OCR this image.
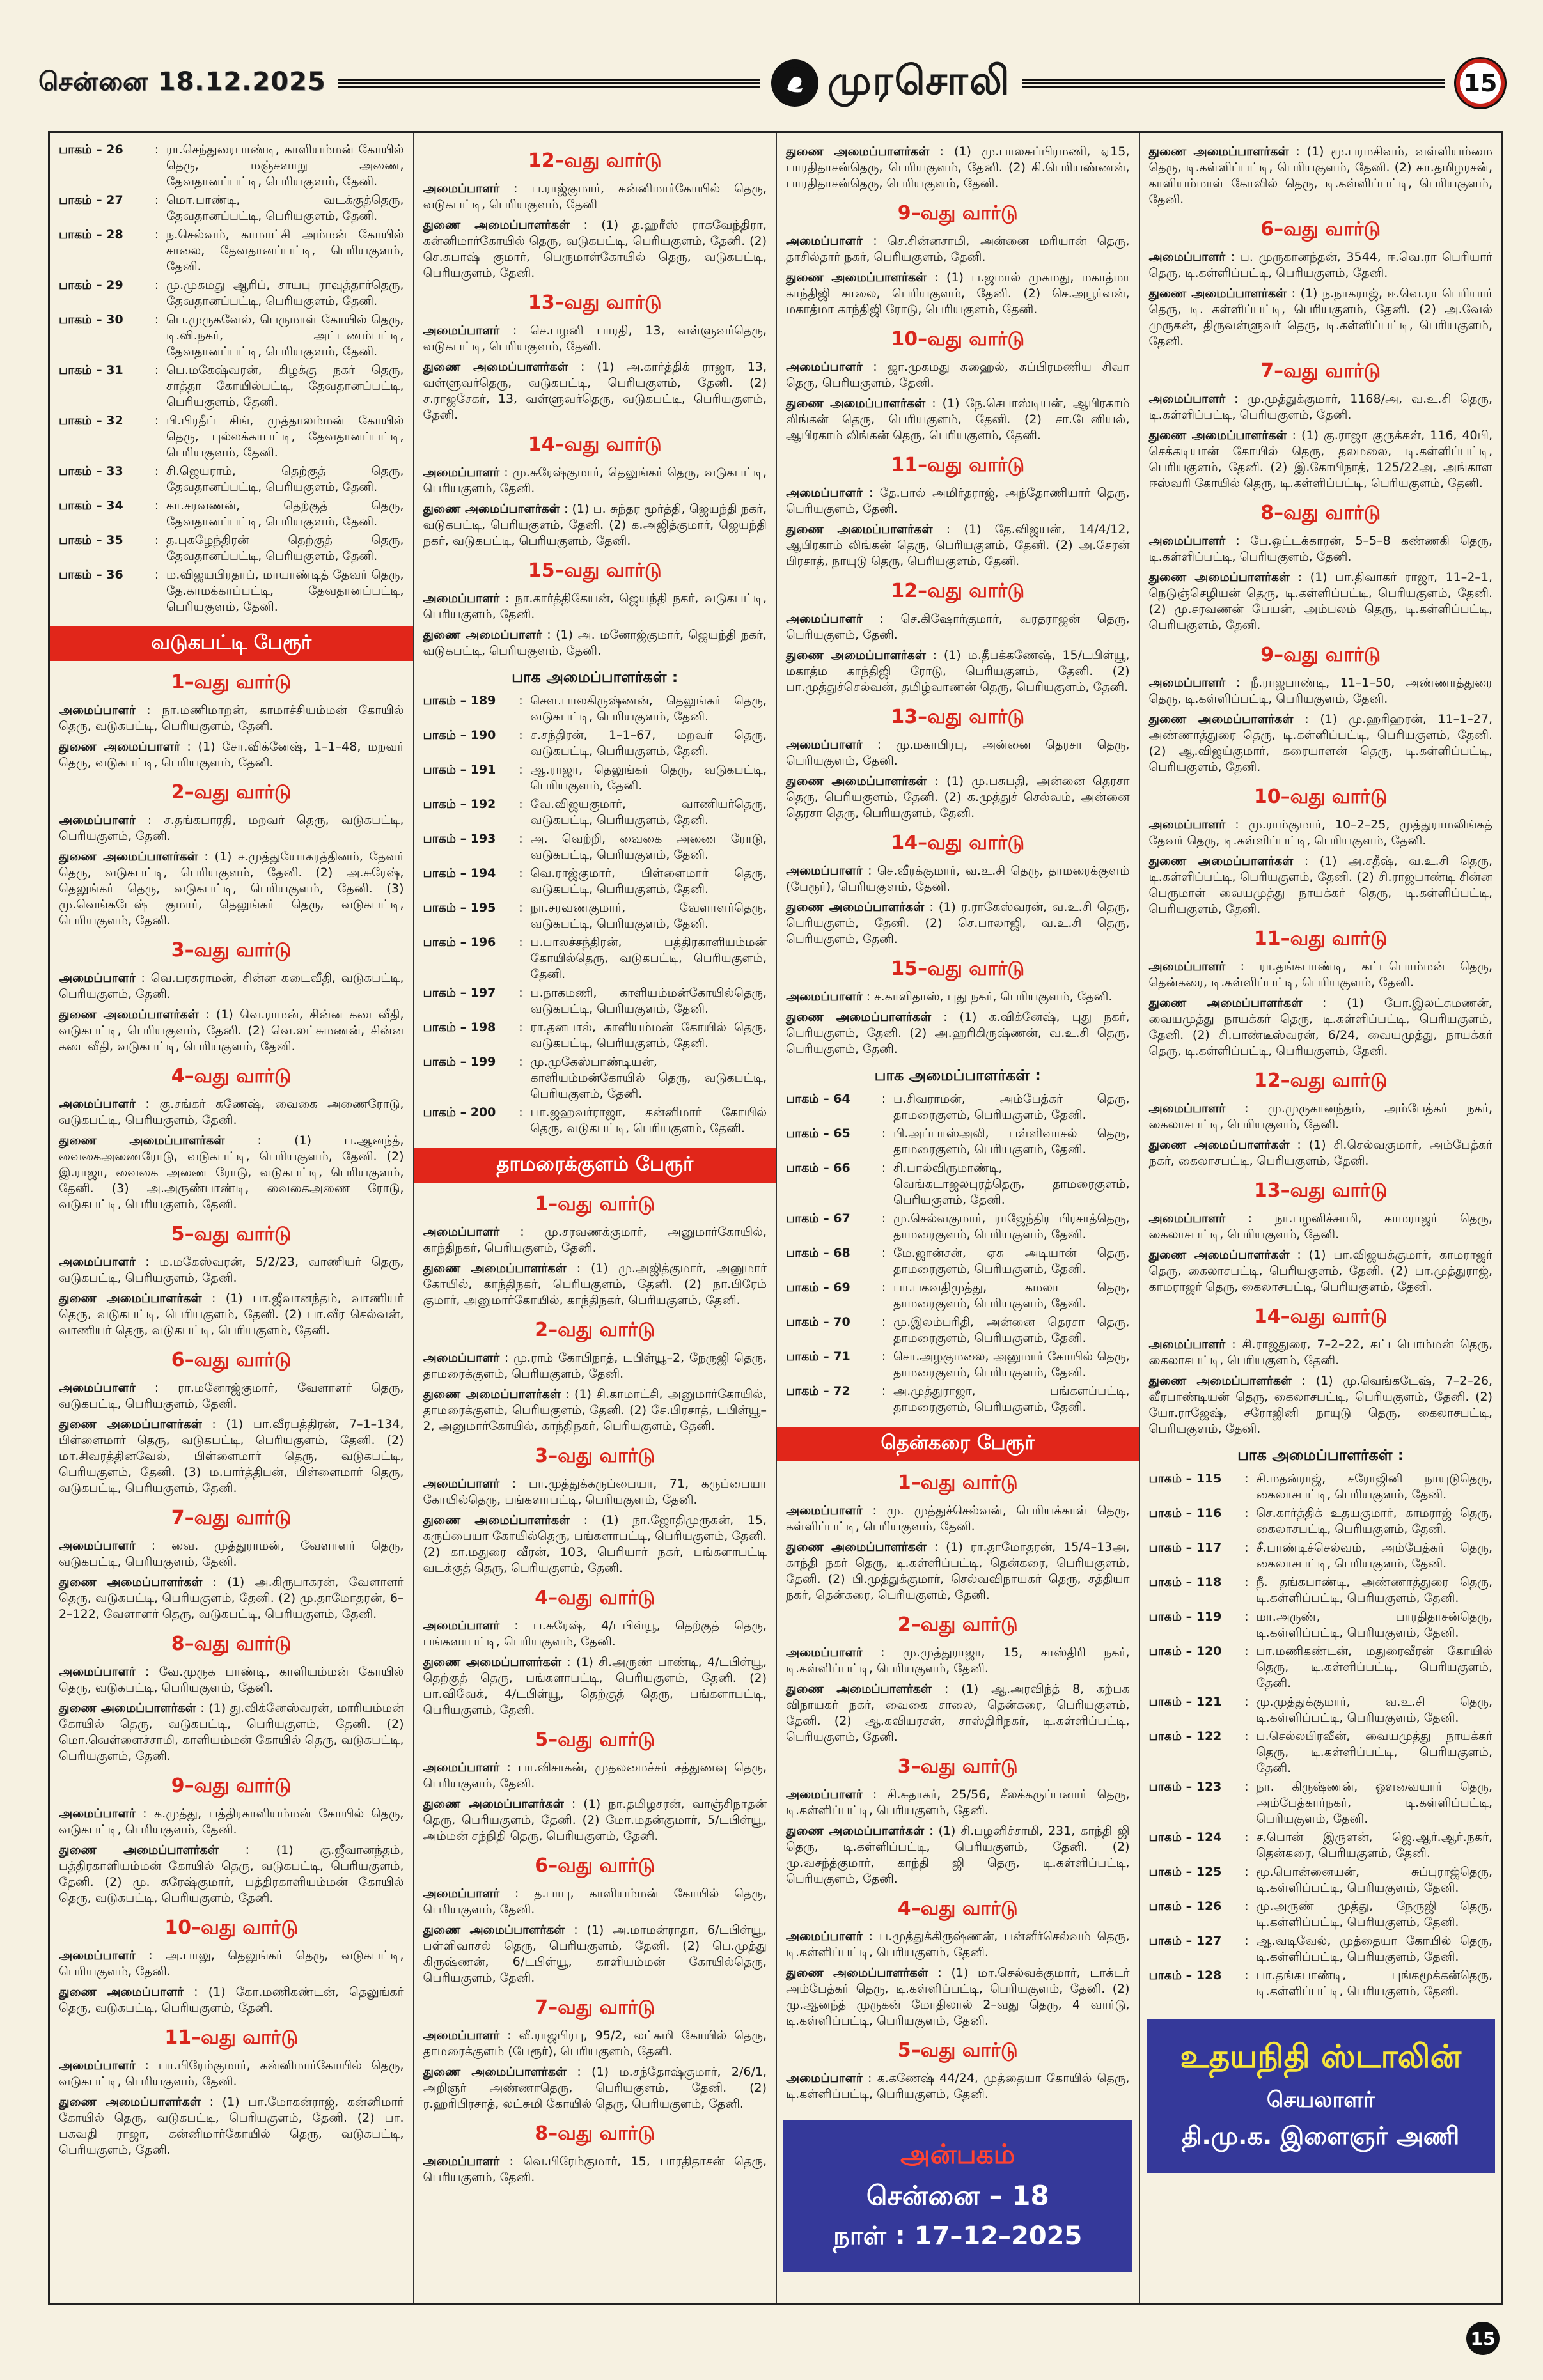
சென்னை 18.12.2025	முரசொலி	15
பாகம் – 26	: ரா.செந்துரைபாண்டி, காளியம்மன் கோயில் தெரு, மஞ்சளாறு அணை, தேவதானப்பட்டி, பெரியகுளம், தேனி.
பாகம் – 27	: மொ.பாண்டி, வடக்குத்தெரு, தேவதானப்பட்டி, பெரியகுளம், தேனி.
பாகம் – 28	: ந.செல்வம், காமாட்சி அம்மன் கோயில் சாலை, தேவதானப்பட்டி, பெரியகுளம், தேனி.
பாகம் – 29	: மு.முகமது ஆரிப், சாயபு ராவுத்தார்தெரு, தேவதானப்பட்டி, பெரியகுளம், தேனி.
பாகம் – 30	: பெ.முருகவேல், பெருமாள் கோயில் தெரு, டி.வி.நகர், அட்டணம்பட்டி, தேவதானப்பட்டி, பெரியகுளம், தேனி.
பாகம் – 31	: பெ.மகேஷ்வரன், கிழக்கு நகர் தெரு, சாத்தா கோயில்பட்டி, தேவதானப்பட்டி, பெரியகுளம், தேனி.
பாகம் – 32	: பி.பிரதீப் சிங், முத்தாலம்மன் கோயில் தெரு, புல்லக்காபட்டி, தேவதானப்பட்டி, பெரியகுளம், தேனி.
பாகம் – 33	: சி.ஜெயராம், தெற்குத் தெரு, தேவதானப்பட்டி, பெரியகுளம், தேனி.
பாகம் – 34	: கா.சரவணன், தெற்குத் தெரு, தேவதானப்பட்டி, பெரியகுளம், தேனி.
பாகம் – 35	: த.புகழேந்திரன் தெற்குத் தெரு, தேவதானப்பட்டி, பெரியகுளம், தேனி.
பாகம் – 36	: ம.விஜயபிரதாப், மாயாண்டித் தேவர் தெரு, தே.காமக்காப்பட்டி, தேவதானப்பட்டி, பெரியகுளம், தேனி.
வடுகபட்டி பேரூர்
1–வது வார்டு
அமைப்பாளர் : நா.மணிமாறன், காமாச்சியம்மன் கோயில் தெரு, வடுகபட்டி, பெரியகுளம், தேனி.
துணை அமைப்பாளர் : (1) சோ.விக்னேஷ், 1–1–48, மறவர் தெரு, வடுகபட்டி, பெரியகுளம், தேனி.
2–வது வார்டு
அமைப்பாளர் : ச.தங்கபாரதி, மறவர் தெரு, வடுகபட்டி, பெரியகுளம், தேனி.
துணை அமைப்பாளர்கள் : (1) ச.முத்துயோகரத்தினம், தேவர் தெரு, வடுகபட்டி, பெரியகுளம், தேனி. (2) அ.சுரேஷ், தெலுங்கர் தெரு, வடுகபட்டி, பெரியகுளம், தேனி. (3) மு.வெங்கடேஷ் குமார், தெலுங்கர் தெரு, வடுகபட்டி, பெரியகுளம், தேனி.
3–வது வார்டு
அமைப்பாளர் : வெ.பரசுராமன், சின்ன கடைவீதி, வடுகபட்டி, பெரியகுளம், தேனி.
துணை அமைப்பாளர்கள் : (1) வெ.ராமன், சின்ன கடைவீதி, வடுகபட்டி, பெரியகுளம், தேனி. (2) வெ.லட்சுமணன், சின்ன கடைவீதி, வடுகபட்டி, பெரியகுளம், தேனி.
4–வது வார்டு
அமைப்பாளர் : கு.சங்கர் கணேஷ், வைகை அணைரோடு, வடுகபட்டி, பெரியகுளம், தேனி.
துணை அமைப்பாளர்கள் : (1) ப.ஆனந்த், வைகைஅணைரோடு, வடுகபட்டி, பெரியகுளம், தேனி. (2) இ.ராஜா, வைகை அணை ரோடு, வடுகபட்டி, பெரியகுளம், தேனி. (3) அ.அருண்பாண்டி, வைகைஅணை ரோடு, வடுகபட்டி, பெரியகுளம், தேனி.
5–வது வார்டு
அமைப்பாளர் : ம.மகேஸ்வரன், 5/2/23, வாணியர் தெரு, வடுகபட்டி, பெரியகுளம், தேனி.
துணை அமைப்பாளர்கள் : (1) பா.ஜீவானந்தம், வாணியர் தெரு, வடுகபட்டி, பெரியகுளம், தேனி. (2) பா.வீர செல்வன், வாணியர் தெரு, வடுகபட்டி, பெரியகுளம், தேனி.
6–வது வார்டு
அமைப்பாளர் : ரா.மனோஜ்குமார், வேளாளர் தெரு, வடுகபட்டி, பெரியகுளம், தேனி.
துணை அமைப்பாளர்கள் : (1) பா.வீரபத்திரன், 7–1–134, பிள்ளைமார் தெரு, வடுகபட்டி, பெரியகுளம், தேனி. (2) மா.சிவரத்தினவேல், பிள்ளைமார் தெரு, வடுகபட்டி, பெரியகுளம், தேனி. (3) ம.பார்த்திபன், பிள்ளைமார் தெரு, வடுகபட்டி, பெரியகுளம், தேனி.
7–வது வார்டு
அமைப்பாளர் : வை. முத்துராமன், வேளாளர் தெரு, வடுகபட்டி, பெரியகுளம், தேனி.
துணை அமைப்பாளர்கள் : (1) அ.கிருபாகரன், வேளாளர் தெரு, வடுகபட்டி, பெரியகுளம், தேனி. (2) மு.தாமோதரன், 6–2–122, வேளாளர் தெரு, வடுகபட்டி, பெரியகுளம், தேனி.
8–வது வார்டு
அமைப்பாளர் : வே.முருக பாண்டி, காளியம்மன் கோயில் தெரு, வடுகபட்டி, பெரியகுளம், தேனி.
துணை அமைப்பாளர்கள் : (1) து.விக்னேஸ்வரன், மாரியம்மன் கோயில் தெரு, வடுகபட்டி, பெரியகுளம், தேனி. (2) மொ.வெள்ளைச்சாமி, காளியம்மன் கோயில் தெரு, வடுகபட்டி, பெரியகுளம், தேனி.
9–வது வார்டு
அமைப்பாளர் : க.முத்து, பத்திரகாளியம்மன் கோயில் தெரு, வடுகபட்டி, பெரியகுளம், தேனி.
துணை அமைப்பாளர்கள் : (1) கு.ஜீவானந்தம், பத்திரகாளியம்மன் கோயில் தெரு, வடுகபட்டி, பெரியகுளம், தேனி. (2) மு. சுரேஷ்குமார், பத்திரகாளியம்மன் கோயில் தெரு, வடுகபட்டி, பெரியகுளம், தேனி.
10–வது வார்டு
அமைப்பாளர் : அ.பாலு, தெலுங்கர் தெரு, வடுகபட்டி, பெரியகுளம், தேனி.
துணை அமைப்பாளர் : (1) கோ.மணிகண்டன், தெலுங்கர் தெரு, வடுகபட்டி, பெரியகுளம், தேனி.
11–வது வார்டு
அமைப்பாளர் : பா.பிரேம்குமார், கன்னிமார்கோயில் தெரு, வடுகபட்டி, பெரியகுளம், தேனி.
துணை அமைப்பாளர்கள் : (1) பா.மோகன்ராஜ், கன்னிமார் கோயில் தெரு, வடுகபட்டி, பெரியகுளம், தேனி. (2) பா. பகவதி ராஜா, கன்னிமார்கோயில் தெரு, வடுகபட்டி, பெரியகுளம், தேனி.
12–வது வார்டு
அமைப்பாளர் : ப.ராஜ்குமார், கன்னிமார்கோயில் தெரு, வடுகபட்டி, பெரியகுளம், தேனி
துணை அமைப்பாளர்கள் : (1) த.ஹரீஸ் ராகவேந்திரா, கன்னிமார்கோயில் தெரு, வடுகபட்டி, பெரியகுளம், தேனி. (2) செ.சுபாஷ் குமார், பெருமாள்கோயில் தெரு, வடுகபட்டி, பெரியகுளம், தேனி.
13–வது வார்டு
அமைப்பாளர் : செ.பழனி பாரதி, 13, வள்ளுவர்தெரு, வடுகபட்டி, பெரியகுளம், தேனி.
துணை அமைப்பாளர்கள் : (1) அ.கார்த்திக் ராஜா, 13, வள்ளுவர்தெரு, வடுகபட்டி, பெரியகுளம், தேனி. (2) ச.ராஜசேகர், 13, வள்ளுவர்தெரு, வடுகபட்டி, பெரியகுளம், தேனி.
14–வது வார்டு
அமைப்பாளர் : மு.சுரேஷ்குமார், தெலுங்கர் தெரு, வடுகபட்டி, பெரியகுளம், தேனி.
துணை அமைப்பாளர்கள் : (1) ப. சுந்தர மூர்த்தி, ஜெயந்தி நகர், வடுகபட்டி, பெரியகுளம், தேனி. (2) க.அஜித்குமார், ஜெயந்தி நகர், வடுகபட்டி, பெரியகுளம், தேனி.
15–வது வார்டு
அமைப்பாளர் : நா.கார்த்திகேயன், ஜெயந்தி நகர், வடுகபட்டி, பெரியகுளம், தேனி.
துணை அமைப்பாளர் : (1) அ. மனோஜ்குமார், ஜெயந்தி நகர், வடுகபட்டி, பெரியகுளம், தேனி.
பாக அமைப்பாளர்கள் :
பாகம் – 189	: செள.பாலகிருஷ்ணன், தெலுங்கர் தெரு, வடுகபட்டி, பெரியகுளம், தேனி.
பாகம் – 190	: ச.சந்திரன், 1–1–67, மறவர் தெரு, வடுகபட்டி, பெரியகுளம், தேனி.
பாகம் – 191	: ஆ.ராஜா, தெலுங்கர் தெரு, வடுகபட்டி, பெரியகுளம், தேனி.
பாகம் – 192	: வே.விஜயகுமார், வாணியர்தெரு, வடுகபட்டி, பெரியகுளம், தேனி.
பாகம் – 193	: அ. வெற்றி, வைகை அணை ரோடு, வடுகபட்டி, பெரியகுளம், தேனி.
பாகம் – 194	: வெ.ராஜ்குமார், பிள்ளைமார் தெரு, வடுகபட்டி, பெரியகுளம், தேனி.
பாகம் – 195	: நா.சரவணகுமார், வேளாளர்தெரு, வடுகபட்டி, பெரியகுளம், தேனி.
பாகம் – 196	: ப.பாலச்சந்திரன், பத்திரகாளியம்மன் கோயில்தெரு, வடுகபட்டி, பெரியகுளம், தேனி.
பாகம் – 197	: ப.நாகமணி, காளியம்மன்கோயில்தெரு, வடுகபட்டி, பெரியகுளம், தேனி.
பாகம் – 198	: ரா.தனபால், காளியம்மன் கோயில் தெரு, வடுகபட்டி, பெரியகுளம், தேனி.
பாகம் – 199	: மு.முகேஸ்பாண்டியன், காளியம்மன்கோயில் தெரு, வடுகபட்டி, பெரியகுளம், தேனி.
பாகம் – 200	: பா.ஜஹவர்ராஜா, கன்னிமார் கோயில் தெரு, வடுகபட்டி, பெரியகுளம், தேனி.
தாமரைக்குளம் பேரூர்
1–வது வார்டு
அமைப்பாளர் : மு.சரவணக்குமார், அனுமார்கோயில், காந்திநகர், பெரியகுளம், தேனி.
துணை அமைப்பாளர்கள் : (1) மு.அஜித்குமார், அனுமார் கோயில், காந்திநகர், பெரியகுளம், தேனி. (2) நா.பிரேம் குமார், அனுமார்கோயில், காந்திநகர், பெரியகுளம், தேனி.
2–வது வார்டு
அமைப்பாளர் : மு.ராம் கோபிநாத், டபிள்யூ–2, நேருஜி தெரு, தாமரைக்குளம், பெரியகுளம், தேனி.
துணை அமைப்பாளர்கள் : (1) சி.காமாட்சி, அனுமார்கோயில், தாமரைக்குளம், பெரியகுளம், தேனி. (2) சே.பிரசாத், டபிள்யூ–2, அனுமார்கோயில், காந்திநகர், பெரியகுளம், தேனி.
3–வது வார்டு
அமைப்பாளர் : பா.முத்துக்கருப்பையா, 71, கருப்பையா கோயில்தெரு, பங்களாபட்டி, பெரியகுளம், தேனி.
துணை அமைப்பாளர்கள் : (1) நா.ஜோதிமுருகன், 15, கருப்பையா கோயில்தெரு, பங்களாபட்டி, பெரியகுளம், தேனி. (2) கா.மதுரை வீரன், 103, பெரியார் நகர், பங்களாபட்டி வடக்குத் தெரு, பெரியகுளம், தேனி.
4–வது வார்டு
அமைப்பாளர் : ப.சுரேஷ், 4/டபிள்யூ, தெற்குத் தெரு, பங்களாபட்டி, பெரியகுளம், தேனி.
துணை அமைப்பாளர்கள் : (1) சி.அருண் பாண்டி, 4/டபிள்யூ, தெற்குத் தெரு, பங்களாபட்டி, பெரியகுளம், தேனி. (2) பா.விவேக், 4/டபிள்யூ, தெற்குத் தெரு, பங்களாபட்டி, பெரியகுளம், தேனி.
5–வது வார்டு
அமைப்பாளர் : பா.விசாகன், முதலமைச்சர் சத்துணவு தெரு, பெரியகுளம், தேனி.
துணை அமைப்பாளர்கள் : (1) நா.தமிழசரன், வாஞ்சிநாதன் தெரு, பெரியகுளம், தேனி. (2) மோ.மதன்குமார், 5/டபிள்யூ, அம்மன் சந்நிதி தெரு, பெரியகுளம், தேனி.
6–வது வார்டு
அமைப்பாளர் : த.பாபு, காளியம்மன் கோயில் தெரு, பெரியகுளம், தேனி.
துணை அமைப்பாளர்கள் : (1) அ.மாமன்ராதா, 6/டபிள்யூ, பள்ளிவாசல் தெரு, பெரியகுளம், தேனி. (2) பெ.முத்து கிருஷ்ணன், 6/டபிள்யூ, காளியம்மன் கோயில்தெரு, பெரியகுளம், தேனி.
7–வது வார்டு
அமைப்பாளர் : வீ.ராஜபிரபு, 95/2, லட்சுமி கோயில் தெரு, தாமரைக்குளம் (பேரூர்), பெரியகுளம், தேனி.
துணை அமைப்பாளர்கள் : (1) ம.சந்தோஷ்குமார், 2/6/1, அறிஞர் அண்ணாதெரு, பெரியகுளம், தேனி. (2) ர.ஹரிபிரசாத், லட்சுமி கோயில் தெரு, பெரியகுளம், தேனி.
8–வது வார்டு
அமைப்பாளர் : வெ.பிரேம்குமார், 15, பாரதிதாசன் தெரு, பெரியகுளம், தேனி.
துணை அமைப்பாளர்கள் : (1) மு.பாலசுப்பிரமணி, ஏ15, பாரதிதாசன்தெரு, பெரியகுளம், தேனி. (2) கி.பெரியண்ணன், பாரதிதாசன்தெரு, பெரியகுளம், தேனி.
9–வது வார்டு
அமைப்பாளர் : செ.சின்னசாமி, அன்னை மரியான் தெரு, தாசில்தார் நகர், பெரியகுளம், தேனி.
துணை அமைப்பாளர்கள் : (1) ப.ஜமால் முகமது, மகாத்மா காந்திஜி சாலை, பெரியகுளம், தேனி. (2) செ.அபூர்வன், மகாத்மா காந்திஜி ரோடு, பெரியகுளம், தேனி.
10–வது வார்டு
அமைப்பாளர் : ஜா.முகமது சுஹைல், சுப்பிரமணிய சிவா தெரு, பெரியகுளம், தேனி.
துணை அமைப்பாளர்கள் : (1) நே.செபாஸ்டியன், ஆபிரகாம் லிங்கன் தெரு, பெரியகுளம், தேனி. (2) சா.டேனியல், ஆபிரகாம் லிங்கன் தெரு, பெரியகுளம், தேனி.
11–வது வார்டு
அமைப்பாளர் : தே.பால் அமிர்தராஜ், அந்தோணியார் தெரு, பெரியகுளம், தேனி.
துணை அமைப்பாளர்கள் : (1) தே.விஜயன், 14/4/12, ஆபிரகாம் லிங்கன் தெரு, பெரியகுளம், தேனி. (2) அ.சேரன் பிரசாத், நாயுடு தெரு, பெரியகுளம், தேனி.
12–வது வார்டு
அமைப்பாளர் : செ.கிஷோர்குமார், வரதராஜன் தெரு, பெரியகுளம், தேனி.
துணை அமைப்பாளர்கள் : (1) ம.தீபக்கணேஷ், 15/டபிள்யூ, மகாத்ம காந்திஜி ரோடு, பெரியகுளம், தேனி. (2) பா.முத்துச்செல்வன், தமிழ்வாணன் தெரு, பெரியகுளம், தேனி.
13–வது வார்டு
அமைப்பாளர் : மு.மகாபிரபு, அன்னை தெரசா தெரு, பெரியகுளம், தேனி.
துணை அமைப்பாளர்கள் : (1) மு.பசுபதி, அன்னை தெரசா தெரு, பெரியகுளம், தேனி. (2) க.முத்துச் செல்வம், அன்னை தெரசா தெரு, பெரியகுளம், தேனி.
14–வது வார்டு
அமைப்பாளர் : செ.வீரக்குமார், வ.உ.சி தெரு, தாமரைக்குளம் (பேரூர்), பெரியகுளம், தேனி.
துணை அமைப்பாளர்கள் : (1) ர.ராகேஸ்வரன், வ.உ.சி தெரு, பெரியகுளம், தேனி. (2) செ.பாலாஜி, வ.உ.சி தெரு, பெரியகுளம், தேனி.
15–வது வார்டு
அமைப்பாளர் : ச.காளிதாஸ், புது நகர், பெரியகுளம், தேனி.
துணை அமைப்பாளர்கள் : (1) க.விக்னேஷ், புது நகர், பெரியகுளம், தேனி. (2) அ.ஹரிகிருஷ்ணன், வ.உ.சி தெரு, பெரியகுளம், தேனி.
பாக அமைப்பாளர்கள் :
பாகம் – 64	: ப.சிவராமன், அம்பேத்கர் தெரு, தாமரைகுளம், பெரியகுளம், தேனி.
பாகம் – 65	: பி.அப்பாஸ்அலி, பள்ளிவாசல் தெரு, தாமரைகுளம், பெரியகுளம், தேனி.
பாகம் – 66	: சி.பால்விருமாண்டி, வெங்கடாஜலபுரத்தெரு, தாமரைகுளம், பெரியகுளம், தேனி.
பாகம் – 67	: மு.செல்வகுமார், ராஜேந்திர பிரசாத்தெரு, தாமரைகுளம், பெரியகுளம், தேனி.
பாகம் – 68	: மே.ஜான்சன், ஏசு அடியான் தெரு, தாமரைகுளம், பெரியகுளம், தேனி.
பாகம் – 69	: பா.பகவதிமுத்து, கமலா தெரு, தாமரைகுளம், பெரியகுளம், தேனி.
பாகம் – 70	: மு.இலம்பரிதி, அன்னை தெரசா தெரு, தாமரைகுளம், பெரியகுளம், தேனி.
பாகம் – 71	: சொ.அழகுமலை, அனுமார் கோயில் தெரு, தாமரைகுளம், பெரியகுளம், தேனி.
பாகம் – 72	: அ.முத்துராஜா, பங்களப்பட்டி, தாமரைகுளம், பெரியகுளம், தேனி.
தென்கரை பேரூர்
1–வது வார்டு
அமைப்பாளர் : மு. முத்துச்செல்வன், பெரியக்காள் தெரு, கள்ளிப்பட்டி, பெரியகுளம், தேனி.
துணை அமைப்பாளர்கள் : (1) ரா.தாமோதரன், 15/4–13அ, காந்தி நகர் தெரு, டி.கள்ளிப்பட்டி, தென்கரை, பெரியகுளம், தேனி. (2) பி.முத்துக்குமார், செல்வவிநாயகர் தெரு, சத்தியா நகர், தென்கரை, பெரியகுளம், தேனி.
2–வது வார்டு
அமைப்பாளர் : மு.முத்துராஜா, 15, சாஸ்திரி நகர், டி.கள்ளிப்பட்டி, பெரியகுளம், தேனி.
துணை அமைப்பாளர்கள் : (1) ஆ.அரவிந்த் 8, கற்பக விநாயகர் நகர், வைகை சாலை, தென்கரை, பெரியகுளம், தேனி. (2) ஆ.கவியரசன், சாஸ்திரிநகர், டி.கள்ளிப்பட்டி, பெரியகுளம், தேனி.
3–வது வார்டு
அமைப்பாளர் : சி.சுதாகர், 25/56, சீலக்கருப்பனார் தெரு, டி.கள்ளிப்பட்டி, பெரியகுளம், தேனி.
துணை அமைப்பாளர்கள் : (1) சி.பழனிச்சாமி, 231, காந்தி ஜி தெரு, டி.கள்ளிப்பட்டி, பெரியகுளம், தேனி. (2) மு.வசந்த்குமார், காந்தி ஜி தெரு, டி.கள்ளிப்பட்டி, பெரியகுளம், தேனி.
4–வது வார்டு
அமைப்பாளர் : ப.முத்துக்கிருஷ்ணன், பன்னீர்செல்வம் தெரு, டி.கள்ளிப்பட்டி, பெரியகுளம், தேனி.
துணை அமைப்பாளர்கள் : (1) மா.செல்வக்குமார், டாக்டர் அம்பேத்கர் தெரு, டி.கள்ளிப்பட்டி, பெரியகுளம், தேனி. (2) மு.ஆனந்த் முருகன் மோதிலால் 2–வது தெரு, 4 வார்டு, டி.கள்ளிப்பட்டி, பெரியகுளம், தேனி.
5–வது வார்டு
அமைப்பாளர் : க.கணேஷ் 44/24, முத்தையா கோயில் தெரு, டி.கள்ளிப்பட்டி, பெரியகுளம், தேனி.
அன்பகம்
சென்னை – 18
நாள் : 17–12–2025
துணை அமைப்பாளர்கள் : (1) மூ.பரமசிவம், வள்ளியம்மை தெரு, டி.கள்ளிப்பட்டி, பெரியகுளம், தேனி. (2) கா.தமிழரசன், காளியம்மாள் கோவில் தெரு, டி.கள்ளிப்பட்டி, பெரியகுளம், தேனி.
6–வது வார்டு
அமைப்பாளர் : ப. முருகானந்தன், 3544, ஈ.வெ.ரா பெரியார் தெரு, டி.கள்ளிப்பட்டி, பெரியகுளம், தேனி.
துணை அமைப்பாளர்கள் : (1) ந.நாகராஜ், ஈ.வெ.ரா பெரியார் தெரு, டி. கள்ளிப்பட்டி, பெரியகுளம், தேனி. (2) அ.வேல் முருகன், திருவள்ளுவர் தெரு, டி.கள்ளிப்பட்டி, பெரியகுளம், தேனி.
7–வது வார்டு
அமைப்பாளர் : மு.முத்துக்குமார், 1168/அ, வ.உ.சி தெரு, டி.கள்ளிப்பட்டி, பெரியகுளம், தேனி.
துணை அமைப்பாளர்கள் : (1) கு.ராஜா குருக்கள், 116, 40பி, செக்கடியான் கோயில் தெரு, தலமலை, டி.கள்ளிப்பட்டி, பெரியகுளம், தேனி. (2) இ.கோபிநாத், 125/22அ, அங்காள ஈஸ்வரி கோயில் தெரு, டி.கள்ளிப்பட்டி, பெரியகுளம், தேனி.
8–வது வார்டு
அமைப்பாளர் : பே.ஒட்டக்காரன், 5–5–8 கண்ணகி தெரு, டி.கள்ளிப்பட்டி, பெரியகுளம், தேனி.
துணை அமைப்பாளர்கள் : (1) பா.திவாகர் ராஜா, 11–2–1, நெடுஞ்செழியன் தெரு, டி.கள்ளிப்பட்டி, பெரியகுளம், தேனி. (2) மு.சரவணன் பேயன், அம்பலம் தெரு, டி.கள்ளிப்பட்டி, பெரியகுளம், தேனி.
9–வது வார்டு
அமைப்பாளர் : நீ.ராஜபாண்டி, 11–1–50, அண்ணாத்துரை தெரு, டி.கள்ளிப்பட்டி, பெரியகுளம், தேனி.
துணை அமைப்பாளர்கள் : (1) மு.ஹரிஹரன், 11–1–27, அண்ணாத்துரை தெரு, டி.கள்ளிப்பட்டி, பெரியகுளம், தேனி. (2) ஆ.விஜய்குமார், கரையாளன் தெரு, டி.கள்ளிப்பட்டி, பெரியகுளம், தேனி.
10–வது வார்டு
அமைப்பாளர் : மு.ராம்குமார், 10–2–25, முத்துராமலிங்கத் தேவர் தெரு, டி.கள்ளிப்பட்டி, பெரியகுளம், தேனி.
துணை அமைப்பாளர்கள் : (1) அ.சதீஷ், வ.உ.சி தெரு, டி.கள்ளிப்பட்டி, பெரியகுளம், தேனி. (2) சி.ராஜபாண்டி சின்ன பெருமாள் வையமுத்து நாயக்கர் தெரு, டி.கள்ளிப்பட்டி, பெரியகுளம், தேனி.
11–வது வார்டு
அமைப்பாளர் : ரா.தங்கபாண்டி, கட்டபொம்மன் தெரு, தென்கரை, டி.கள்ளிப்பட்டி, பெரியகுளம், தேனி.
துணை அமைப்பாளர்கள் : (1) போ.இலட்சுமணன், வையமுத்து நாயக்கர் தெரு, டி.கள்ளிப்பட்டி, பெரியகுளம், தேனி. (2) சி.பாண்டீஸ்வரன், 6/24, வையமுத்து, நாயக்கர் தெரு, டி.கள்ளிப்பட்டி, பெரியகுளம், தேனி.
12–வது வார்டு
அமைப்பாளர் : மு.முருகானந்தம், அம்பேத்கர் நகர், கைலாசபட்டி, பெரியகுளம், தேனி.
துணை அமைப்பாளர்கள் : (1) சி.செல்வகுமார், அம்பேத்கர் நகர், கைலாசபட்டி, பெரியகுளம், தேனி.
13–வது வார்டு
அமைப்பாளர் : நா.பழனிச்சாமி, காமராஜர் தெரு, கைலாசபட்டி, பெரியகுளம், தேனி.
துணை அமைப்பாளர்கள் : (1) பா.விஜயக்குமார், காமராஜர் தெரு, கைலாசபட்டி, பெரியகுளம், தேனி. (2) பா.முத்துராஜ், காமராஜர் தெரு, கைலாசபட்டி, பெரியகுளம், தேனி.
14–வது வார்டு
அமைப்பாளர் : சி.ராஜதுரை, 7–2–22, கட்டபொம்மன் தெரு, கைலாசபட்டி, பெரியகுளம், தேனி.
துணை அமைப்பாளர்கள் : (1) மு.வெங்கடேஷ், 7–2–26, வீரபாண்டியன் தெரு, கைலாசபட்டி, பெரியகுளம், தேனி. (2) யோ.ராஜேஷ், சரோஜினி நாயுடு தெரு, கைலாசபட்டி, பெரியகுளம், தேனி.
பாக அமைப்பாளர்கள் :
பாகம் – 115	: சி.மதன்ராஜ், சரோஜினி நாயுடுதெரு, கைலாசபட்டி, பெரியகுளம், தேனி.
பாகம் – 116	: செ.கார்த்திக் உதயகுமார், காமராஜ் தெரு, கைலாசபட்டி, பெரியகுளம், தேனி.
பாகம் – 117	: சீ.பாண்டிச்செல்வம், அம்பேத்கர் தெரு, கைலாசபட்டி, பெரியகுளம், தேனி.
பாகம் – 118	: நீ. தங்கபாண்டி, அண்ணாத்துரை தெரு, டி.கள்ளிப்பட்டி, பெரியகுளம், தேனி.
பாகம் – 119	: மா.அருண், பாரதிதாசன்தெரு, டி.கள்ளிப்பட்டி, பெரியகுளம், தேனி.
பாகம் – 120	: பா.மணிகண்டன், மதுரைவீரன் கோயில் தெரு, டி.கள்ளிப்பட்டி, பெரியகுளம், தேனி.
பாகம் – 121	: மு.முத்துக்குமார், வ.உ.சி தெரு, டி.கள்ளிப்பட்டி, பெரியகுளம், தேனி.
பாகம் – 122	: ப.செல்லபிரவீன், வையமுத்து நாயக்கர் தெரு, டி.கள்ளிப்பட்டி, பெரியகுளம், தேனி.
பாகம் – 123	: நா. கிருஷ்ணன், ஔவையார் தெரு, அம்பேத்கார்நகர், டி.கள்ளிப்பட்டி, பெரியகுளம், தேனி.
பாகம் – 124	: ச.பொன் இருளன், ஜெ.ஆர்.ஆர்.நகர், தென்கரை, பெரியகுளம், தேனி.
பாகம் – 125	: மூ.பொன்னையன், சுப்புராஜ்தெரு, டி.கள்ளிப்பட்டி, பெரியகுளம், தேனி.
பாகம் – 126	: மு.அருண் முத்து, நேருஜி தெரு, டி.கள்ளிப்பட்டி, பெரியகுளம், தேனி.
பாகம் – 127	: ஆ.வடிவேல், முத்தையா கோயில் தெரு, டி.கள்ளிப்பட்டி, பெரியகுளம், தேனி.
பாகம் – 128	: பா.தங்கபாண்டி, புங்கமூக்கன்தெரு, டி.கள்ளிப்பட்டி, பெரியகுளம், தேனி.
உதயநிதி ஸ்டாலின்
செயலாளர்
தி.மு.க. இளைஞர் அணி
15
